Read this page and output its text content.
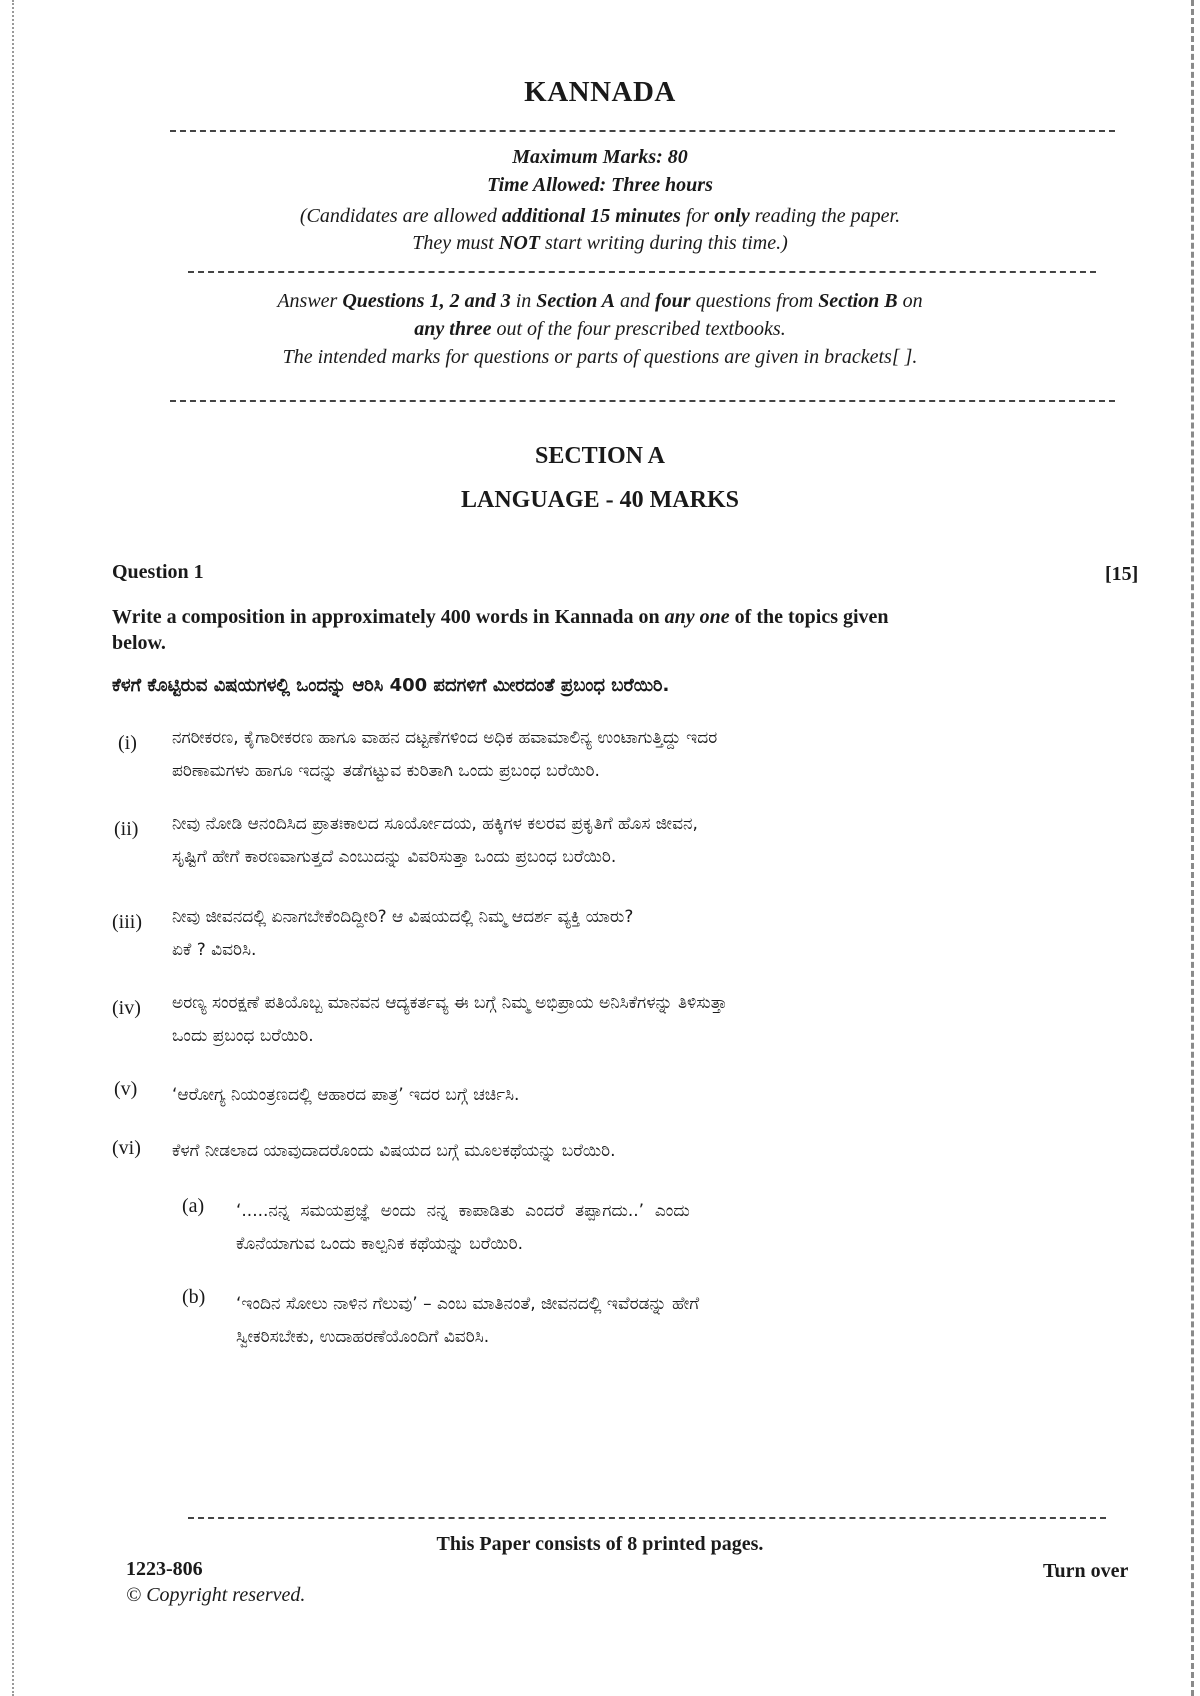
KANNADA
Maximum Marks: 80
Time Allowed: Three hours
(Candidates are allowed additional 15 minutes for only reading the paper.
They must NOT start writing during this time.)
Answer Questions 1, 2 and 3 in Section A and four questions from Section B on
any three out of the four prescribed textbooks.
The intended marks for questions or parts of questions are given in brackets[ ].
SECTION A
LANGUAGE - 40 MARKS
Question 1	[15]
Write a composition in approximately 400 words in Kannada on any one of the topics given
below.
ಕೆಳಗೆ ಕೊಟ್ಟಿರುವ ವಿಷಯಗಳಲ್ಲಿ ಒಂದನ್ನು ಆರಿಸಿ 400 ಪದಗಳಿಗೆ ಮೀರದಂತೆ ಪ್ರಬಂಧ ಬರೆಯಿರಿ.
(i) ನಗರೀಕರಣ, ಕೈಗಾರೀಕರಣ ಹಾಗೂ ವಾಹನ ದಟ್ಟಣೆಗಳಿಂದ ಅಧಿಕ ಹವಾಮಾಲಿನ್ಯ ಉಂಟಾಗುತ್ತಿದ್ದು ಇದರ
ಪರಿಣಾಮಗಳು ಹಾಗೂ ಇದನ್ನು ತಡೆಗಟ್ಟುವ ಕುರಿತಾಗಿ ಒಂದು ಪ್ರಬಂಧ ಬರೆಯಿರಿ.
(ii) ನೀವು ನೋಡಿ ಆನಂದಿಸಿದ ಪ್ರಾತಃಕಾಲದ ಸೂರ್ಯೋದಯ, ಹಕ್ಕಿಗಳ ಕಲರವ ಪ್ರಕೃತಿಗೆ ಹೊಸ ಜೀವನ,
ಸೃಷ್ಟಿಗೆ ಹೇಗೆ ಕಾರಣವಾಗುತ್ತದೆ ಎಂಬುದನ್ನು ವಿವರಿಸುತ್ತಾ ಒಂದು ಪ್ರಬಂಧ ಬರೆಯಿರಿ.
(iii) ನೀವು ಜೀವನದಲ್ಲಿ ಏನಾಗಬೇಕೆಂದಿದ್ದೀರಿ? ಆ ವಿಷಯದಲ್ಲಿ ನಿಮ್ಮ ಆದರ್ಶ ವ್ಯಕ್ತಿ ಯಾರು?
ಏಕೆ ? ವಿವರಿಸಿ.
(iv) ಅರಣ್ಯ ಸಂರಕ್ಷಣೆ ಪತಿಯೊಬ್ಬ ಮಾನವನ ಆದ್ಯಕರ್ತವ್ಯ ಈ ಬಗ್ಗೆ ನಿಮ್ಮ ಅಭಿಪ್ರಾಯ ಅನಿಸಿಕೆಗಳನ್ನು ತಿಳಿಸುತ್ತಾ
ಒಂದು ಪ್ರಬಂಧ ಬರೆಯಿರಿ.
(v) ‘ಆರೋಗ್ಯ ನಿಯಂತ್ರಣದಲ್ಲಿ ಆಹಾರದ ಪಾತ್ರ’ ಇದರ ಬಗ್ಗೆ ಚರ್ಚಿಸಿ.
(vi) ಕೆಳಗೆ ನೀಡಲಾದ ಯಾವುದಾದರೊಂದು ವಿಷಯದ ಬಗ್ಗೆ ಮೂಲಕಥೆಯನ್ನು ಬರೆಯಿರಿ.
(a) ‘.....ನನ್ನ  ಸಮಯಪ್ರಜ್ಞೆ  ಅಂದು  ನನ್ನ  ಕಾಪಾಡಿತು  ಎಂದರೆ  ತಪ್ಪಾಗದು..’  ಎಂದು
ಕೊನೆಯಾಗುವ ಒಂದು ಕಾಲ್ಪನಿಕ ಕಥೆಯನ್ನು ಬರೆಯಿರಿ.
(b) ‘ಇಂದಿನ ಸೋಲು ನಾಳಿನ ಗೆಲುವು’ – ಎಂಬ ಮಾತಿನಂತೆ, ಜೀವನದಲ್ಲಿ ಇವೆರಡನ್ನು ಹೇಗೆ
ಸ್ವೀಕರಿಸಬೇಕು, ಉದಾಹರಣೆಯೊಂದಿಗೆ ವಿವರಿಸಿ.
This Paper consists of 8 printed pages.
1223-806
© Copyright reserved.
Turn over
